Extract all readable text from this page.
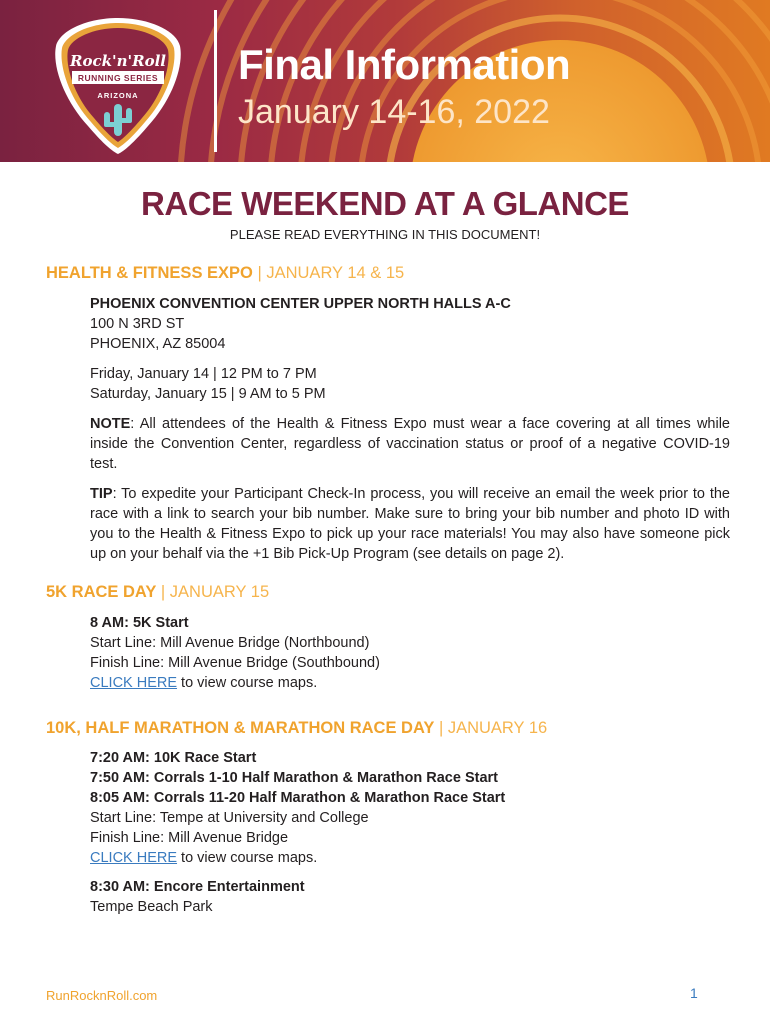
Rock'n'Roll
RUNNING SERIES
ARIZONA
Final Information

January 14-16, 2022

RACE WEEKEND AT A GLANCE

PLEASE READ EVERYTHING IN THIS DOCUMENT!

HEALTH & FITNESS EXPO | JANUARY 14 & 15

PHOENIX CONVENTION CENTER UPPER NORTH HALLS A-C

100 N 3RD ST

PHOENIX, AZ 85004

Friday, January 14 | 12 PM to 7 PM

Saturday, January 15 | 9 AM to 5 PM

NOTE: All attendees of the Health & Fitness Expo must wear a face covering at all times while inside the Convention Center, regardless of vaccination status or proof of a negative COVID-19 test.

TIP: To expedite your Participant Check-In process, you will receive an email the week prior to the race with a link to search your bib number. Make sure to bring your bib number and photo ID with you to the Health & Fitness Expo to pick up your race materials! You may also have someone pick up on your behalf via the +1 Bib Pick-Up Program (see details on page 2).

5K RACE DAY | JANUARY 15

8 AM: 5K Start

Start Line: Mill Avenue Bridge (Northbound)

Finish Line: Mill Avenue Bridge (Southbound)

CLICK HERE to view course maps.

10K, HALF MARATHON & MARATHON RACE DAY | JANUARY 16

7:20 AM: 10K Race Start

7:50 AM: Corrals 1-10 Half Marathon & Marathon Race Start

8:05 AM: Corrals 11-20 Half Marathon & Marathon Race Start

Start Line: Tempe at University and College

Finish Line: Mill Avenue Bridge

CLICK HERE to view course maps.

8:30 AM: Encore Entertainment

Tempe Beach Park

RunRocknRoll.com	1
